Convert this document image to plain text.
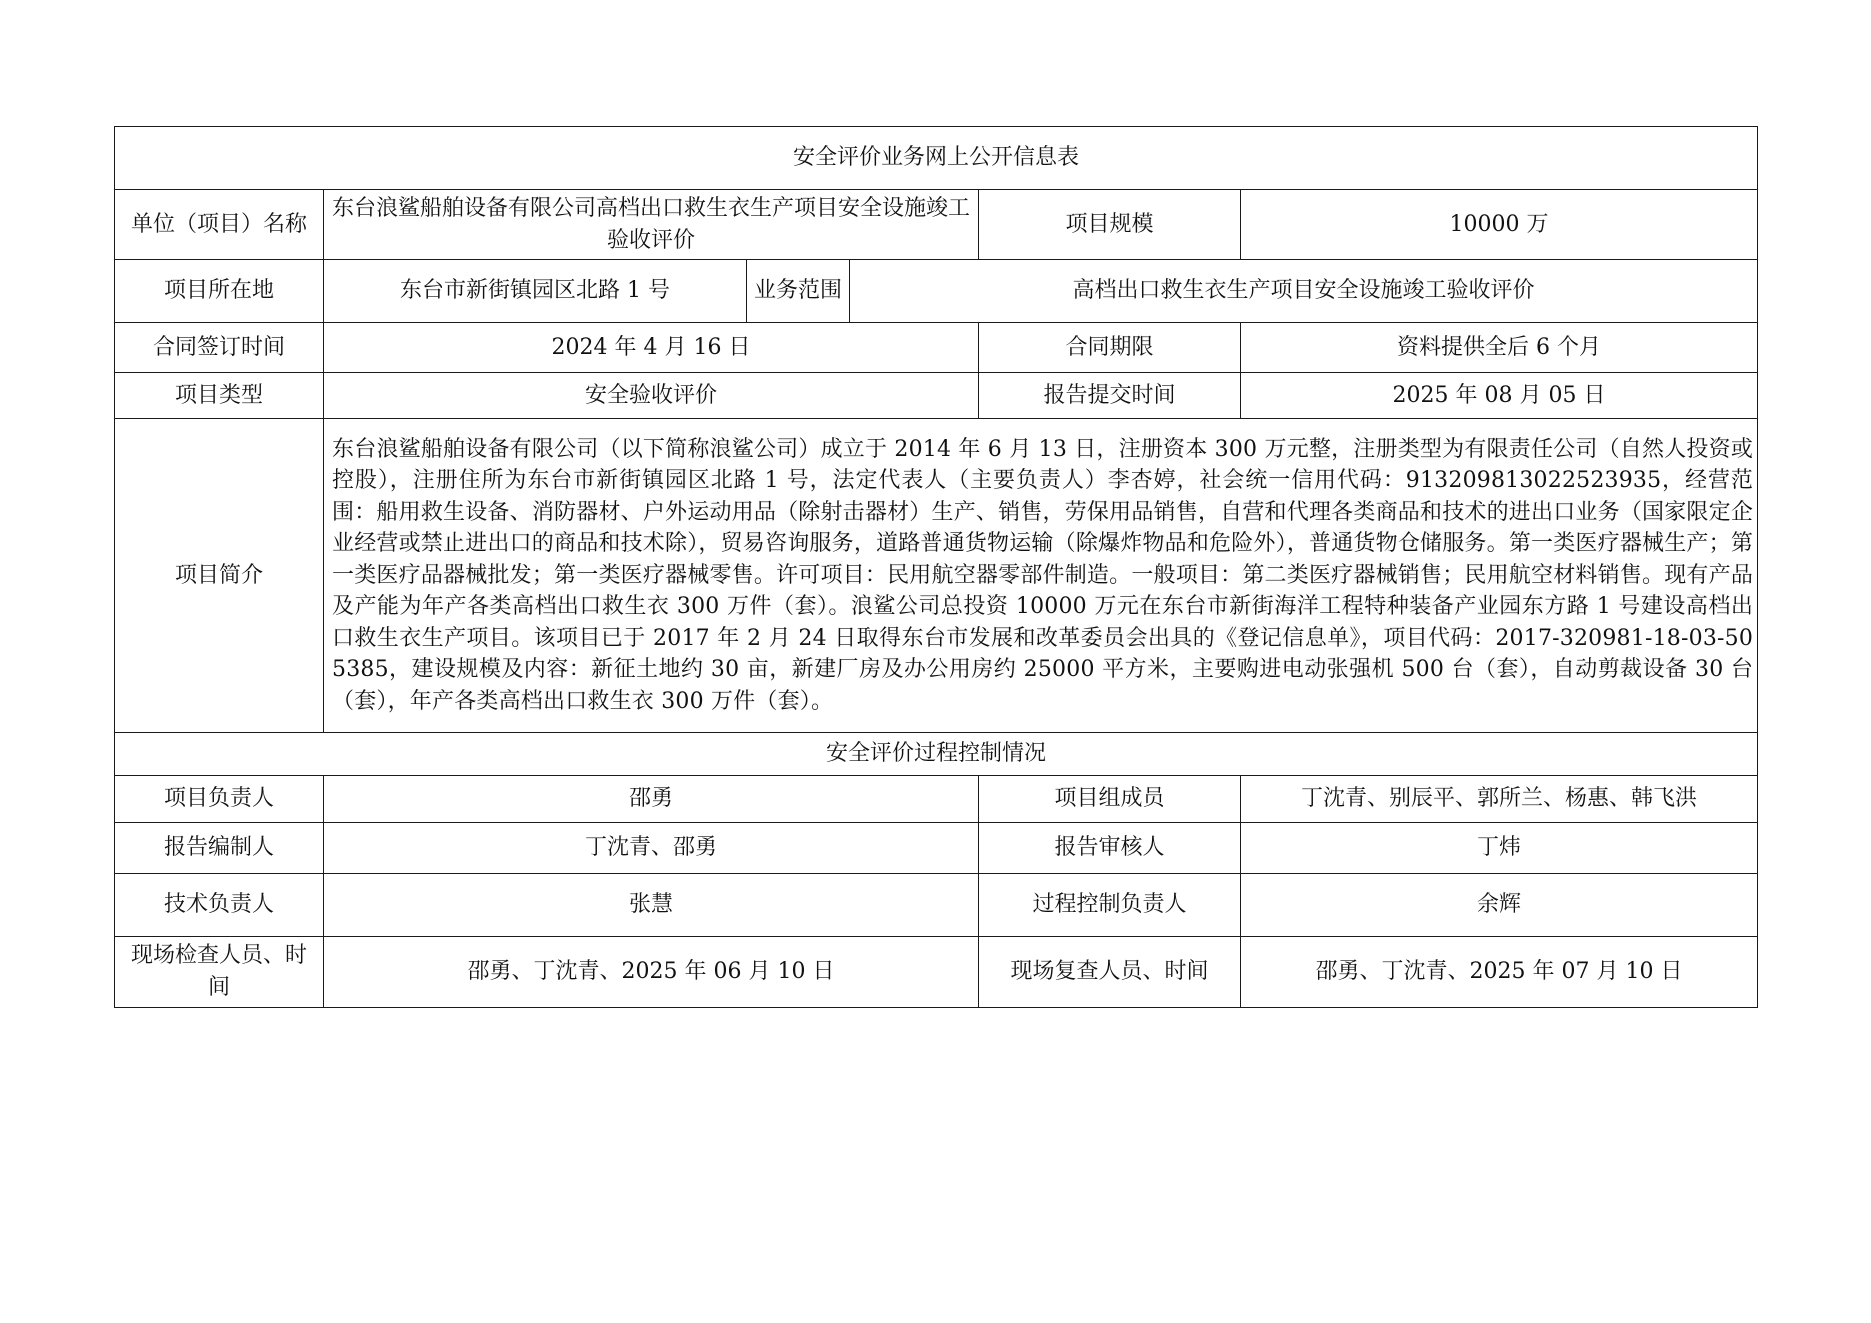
安全评价业务网上公开信息表					
单位（项目）名称	东台浪鲨船舶设备有限公司高档出口救生衣生产项目安全设施竣工验收评价			项目规模	10000 万
项目所在地	东台市新街镇园区北路 1 号	业务范围	高档出口救生衣生产项目安全设施竣工验收评价		
合同签订时间	2024 年 4 月 16 日			合同期限	资料提供全后 6 个月
项目类型	安全验收评价			报告提交时间	2025 年 08 月 05 日
项目简介	东台浪鲨船舶设备有限公司（以下简称浪鲨公司）成立于 2014 年 6 月 13 日，注册资本 300 万元整，注册类型为有限责任公司（自然人投资或控股），注册住所为东台市新街镇园区北路 1 号，法定代表人（主要负责人）李杏婷，社会统一信用代码：913209813022523935，经营范围：船用救生设备、消防器材、户外运动用品（除射击器材）生产、销售，劳保用品销售，自营和代理各类商品和技术的进出口业务（国家限定企业经营或禁止进出口的商品和技术除），贸易咨询服务，道路普通货物运输（除爆炸物品和危险外），普通货物仓储服务。第一类医疗器械生产；第一类医疗品器械批发；第一类医疗器械零售。许可项目：民用航空器零部件制造。一般项目：第二类医疗器械销售；民用航空材料销售。现有产品及产能为年产各类高档出口救生衣 300 万件（套）。浪鲨公司总投资 10000 万元在东台市新街海洋工程特种装备产业园东方路 1 号建设高档出口救生衣生产项目。该项目已于 2017 年 2 月 24 日取得东台市发展和改革委员会出具的《登记信息单》，项目代码：2017-320981-18-03-505385，建设规模及内容：新征土地约 30 亩，新建厂房及办公用房约 25000 平方米，主要购进电动张强机 500 台（套），自动剪裁设备 30 台（套），年产各类高档出口救生衣 300 万件（套）。				
安全评价过程控制情况					
项目负责人	邵勇			项目组成员	丁沈青、别辰平、郭所兰、杨惠、韩飞洪
报告编制人	丁沈青、邵勇			报告审核人	丁炜
技术负责人	张慧			过程控制负责人	余辉
现场检查人员、时间	邵勇、丁沈青、2025 年 06 月 10 日			现场复查人员、时间	邵勇、丁沈青、2025 年 07 月 10 日
